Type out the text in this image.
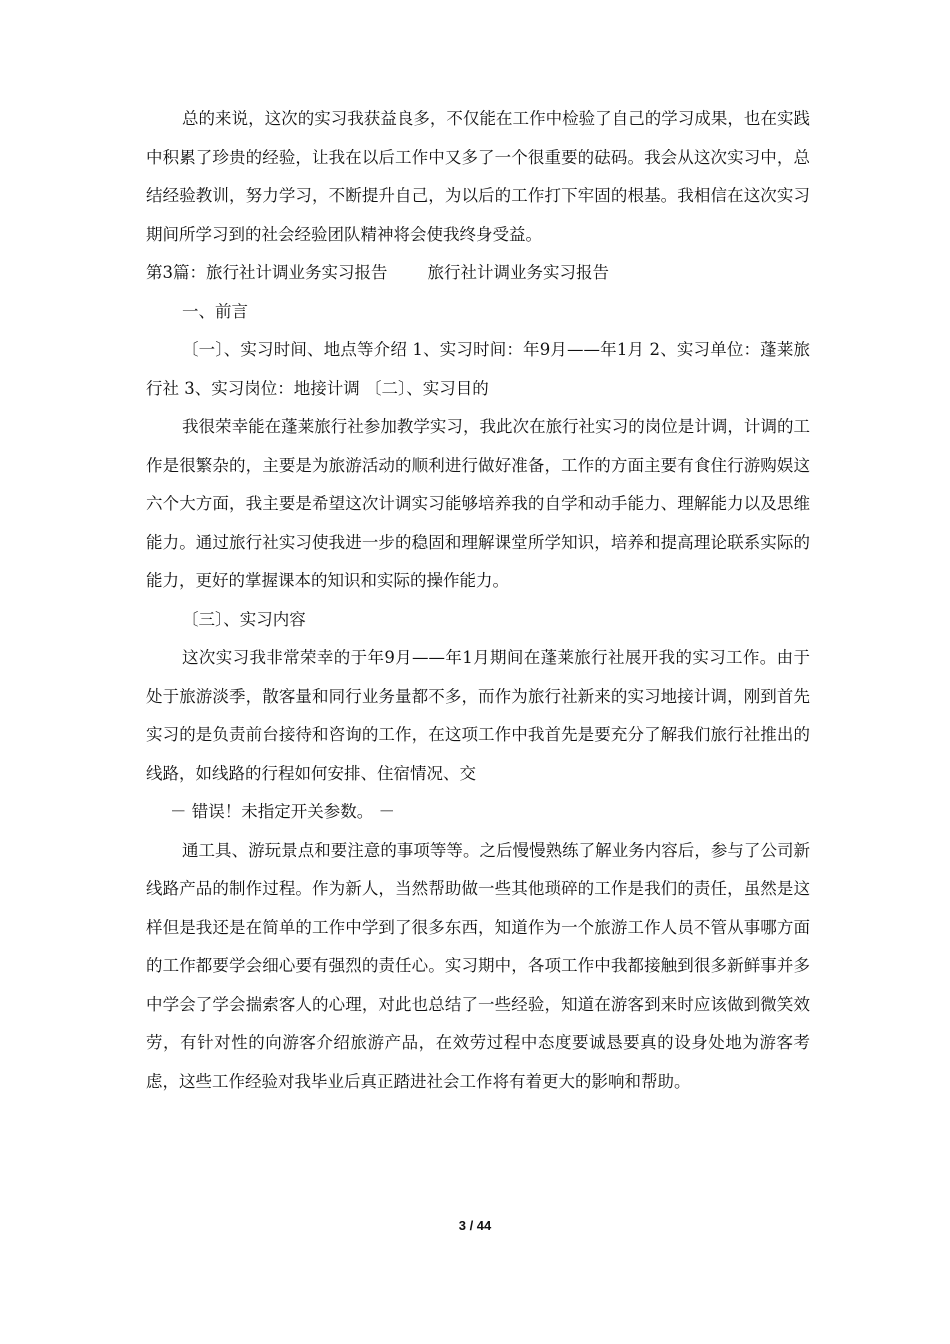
总的来说，这次的实习我获益良多，不仅能在工作中检验了自己的学习成果，也在实践中积累了珍贵的经验，让我在以后工作中又多了一个很重要的砝码。我会从这次实习中，总结经验教训，努力学习，不断提升自己，为以后的工作打下牢固的根基。我相信在这次实习期间所学习到的社会经验团队精神将会使我终身受益。

第3篇：旅行社计调业务实习报告 旅行社计调业务实习报告

一、前言

〔一〕、实习时间、地点等介绍 1、实习时间：年9月——年1月 2、实习单位：蓬莱旅行社 3、实习岗位：地接计调 〔二〕、实习目的

我很荣幸能在蓬莱旅行社参加教学实习，我此次在旅行社实习的岗位是计调，计调的工作是很繁杂的，主要是为旅游活动的顺利进行做好准备，工作的方面主要有食住行游购娱这六个大方面，我主要是希望这次计调实习能够培养我的自学和动手能力、理解能力以及思维能力。通过旅行社实习使我进一步的稳固和理解课堂所学知识，培养和提高理论联系实际的能力，更好的掌握课本的知识和实际的操作能力。

〔三〕、实习内容

这次实习我非常荣幸的于年9月——年1月期间在蓬莱旅行社展开我的实习工作。由于处于旅游淡季，散客量和同行业务量都不多，而作为旅行社新来的实习地接计调，刚到首先实习的是负责前台接待和咨询的工作，在这项工作中我首先是要充分了解我们旅行社推出的线路，如线路的行程如何安排、住宿情况、交

－ 错误！未指定开关参数。 －

通工具、游玩景点和要注意的事项等等。之后慢慢熟练了解业务内容后，参与了公司新线路产品的制作过程。作为新人，当然帮助做一些其他琐碎的工作是我们的责任，虽然是这样但是我还是在简单的工作中学到了很多东西，知道作为一个旅游工作人员不管从事哪方面的工作都要学会细心要有强烈的责任心。实习期中，各项工作中我都接触到很多新鲜事并多中学会了学会揣索客人的心理，对此也总结了一些经验，知道在游客到来时应该做到微笑效劳，有针对性的向游客介绍旅游产品，在效劳过程中态度要诚恳要真的设身处地为游客考虑，这些工作经验对我毕业后真正踏进社会工作将有着更大的影响和帮助。

3 / 44
